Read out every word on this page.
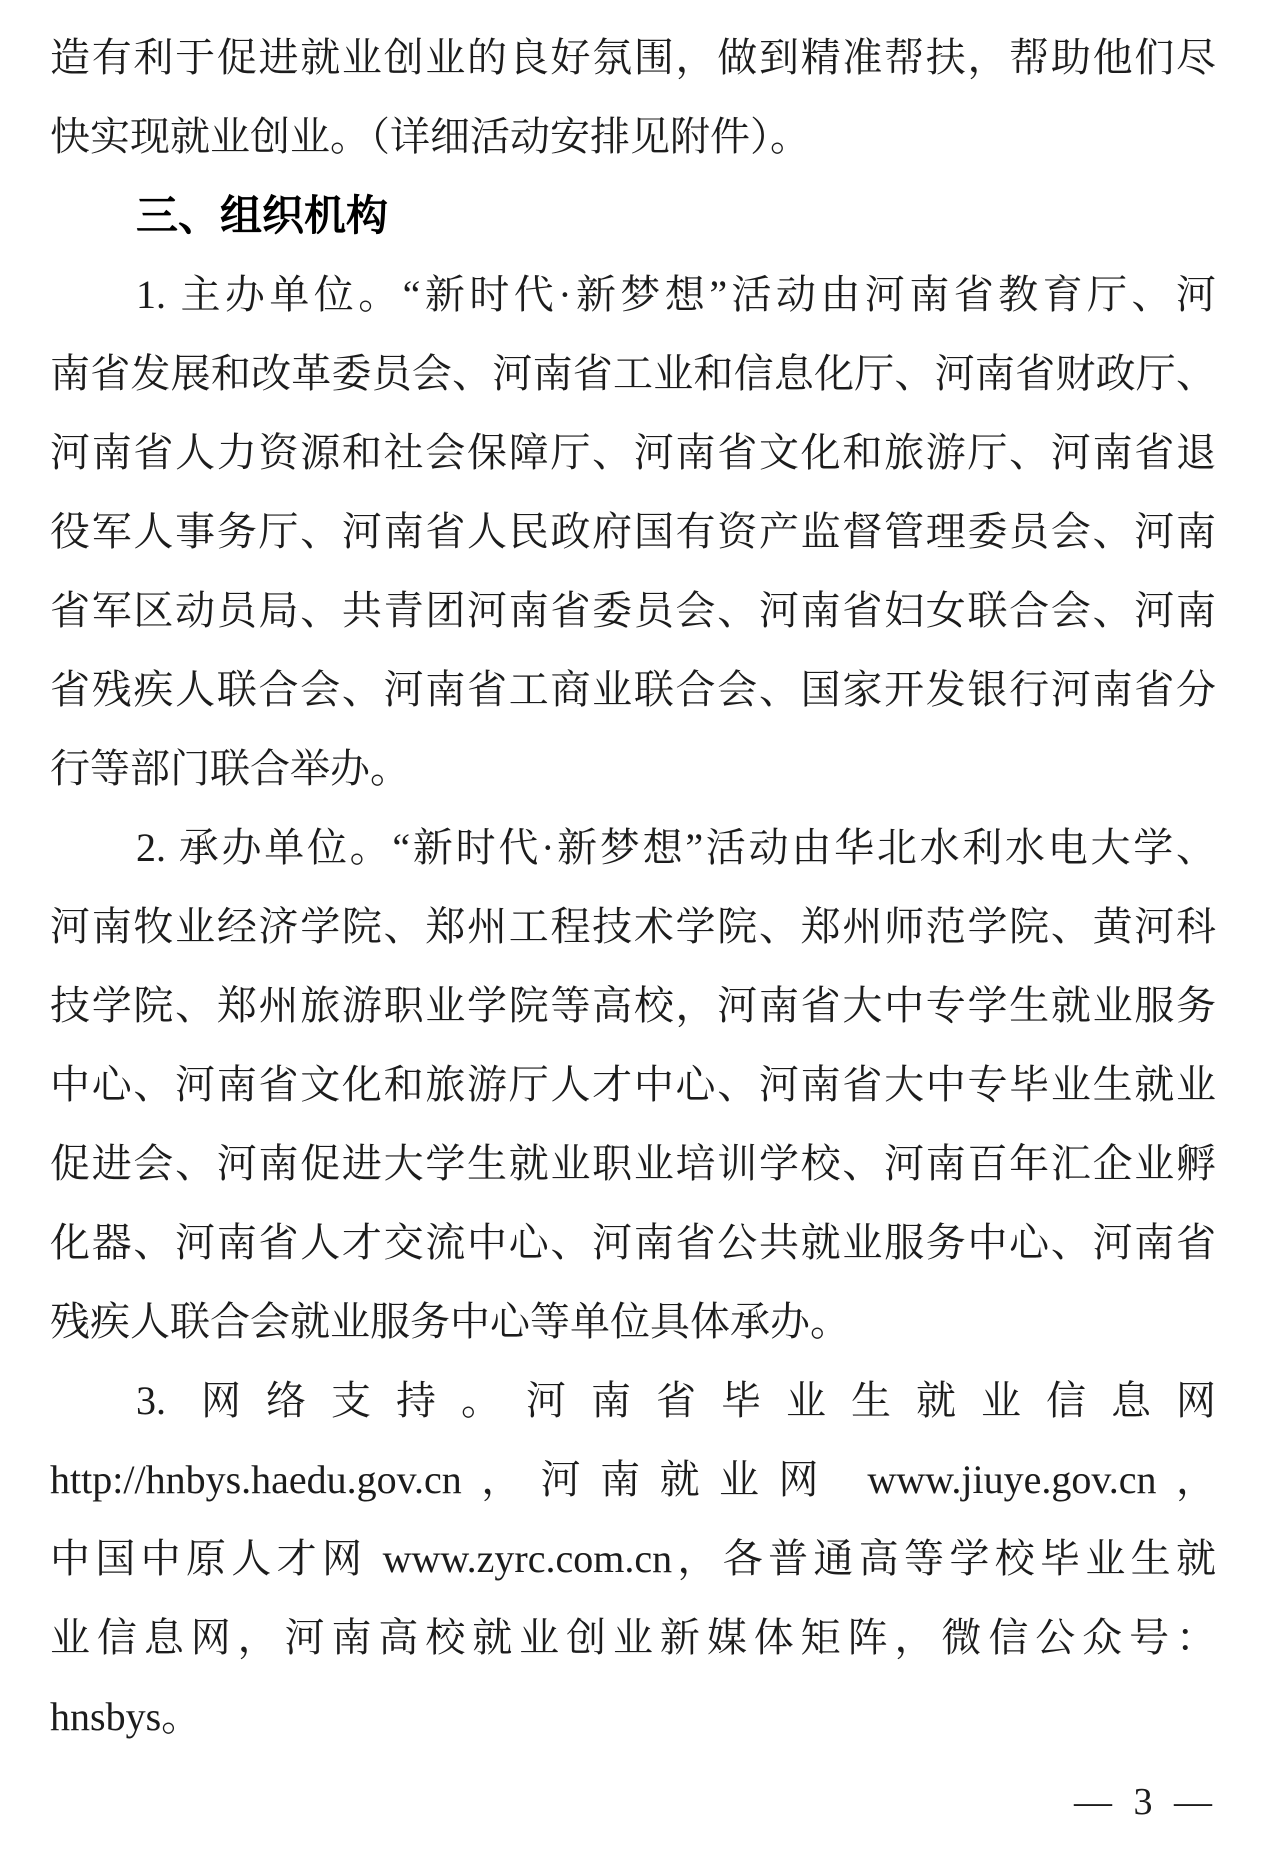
造有利于促进就业创业的良好氛围，做到精准帮扶，帮助他们尽
快实现就业创业。（详细活动安排见附件）。
三、组织机构
1. 主办单位。“新时代·新梦想”活动由河南省教育厅、河
南省发展和改革委员会、河南省工业和信息化厅、河南省财政厅、
河南省人力资源和社会保障厅、河南省文化和旅游厅、河南省退
役军人事务厅、河南省人民政府国有资产监督管理委员会、河南
省军区动员局、共青团河南省委员会、河南省妇女联合会、河南
省残疾人联合会、河南省工商业联合会、国家开发银行河南省分
行等部门联合举办。
2. 承办单位。“新时代·新梦想”活动由华北水利水电大学、
河南牧业经济学院、郑州工程技术学院、郑州师范学院、黄河科
技学院、郑州旅游职业学院等高校，河南省大中专学生就业服务
中心、河南省文化和旅游厅人才中心、河南省大中专毕业生就业
促进会、河南促进大学生就业职业培训学校、河南百年汇企业孵
化器、河南省人才交流中心、河南省公共就业服务中心、河南省
残疾人联合会就业服务中心等单位具体承办。
3. 网络支持。河南省毕业生就业信息网
http://hnbys.haedu.gov.cn，河南就业网 www.jiuye.gov.cn，
中国中原人才网 www.zyrc.com.cn，各普通高等学校毕业生就
业信息网，河南高校就业创业新媒体矩阵，微信公众号：
hnsbys。
— 3 —
